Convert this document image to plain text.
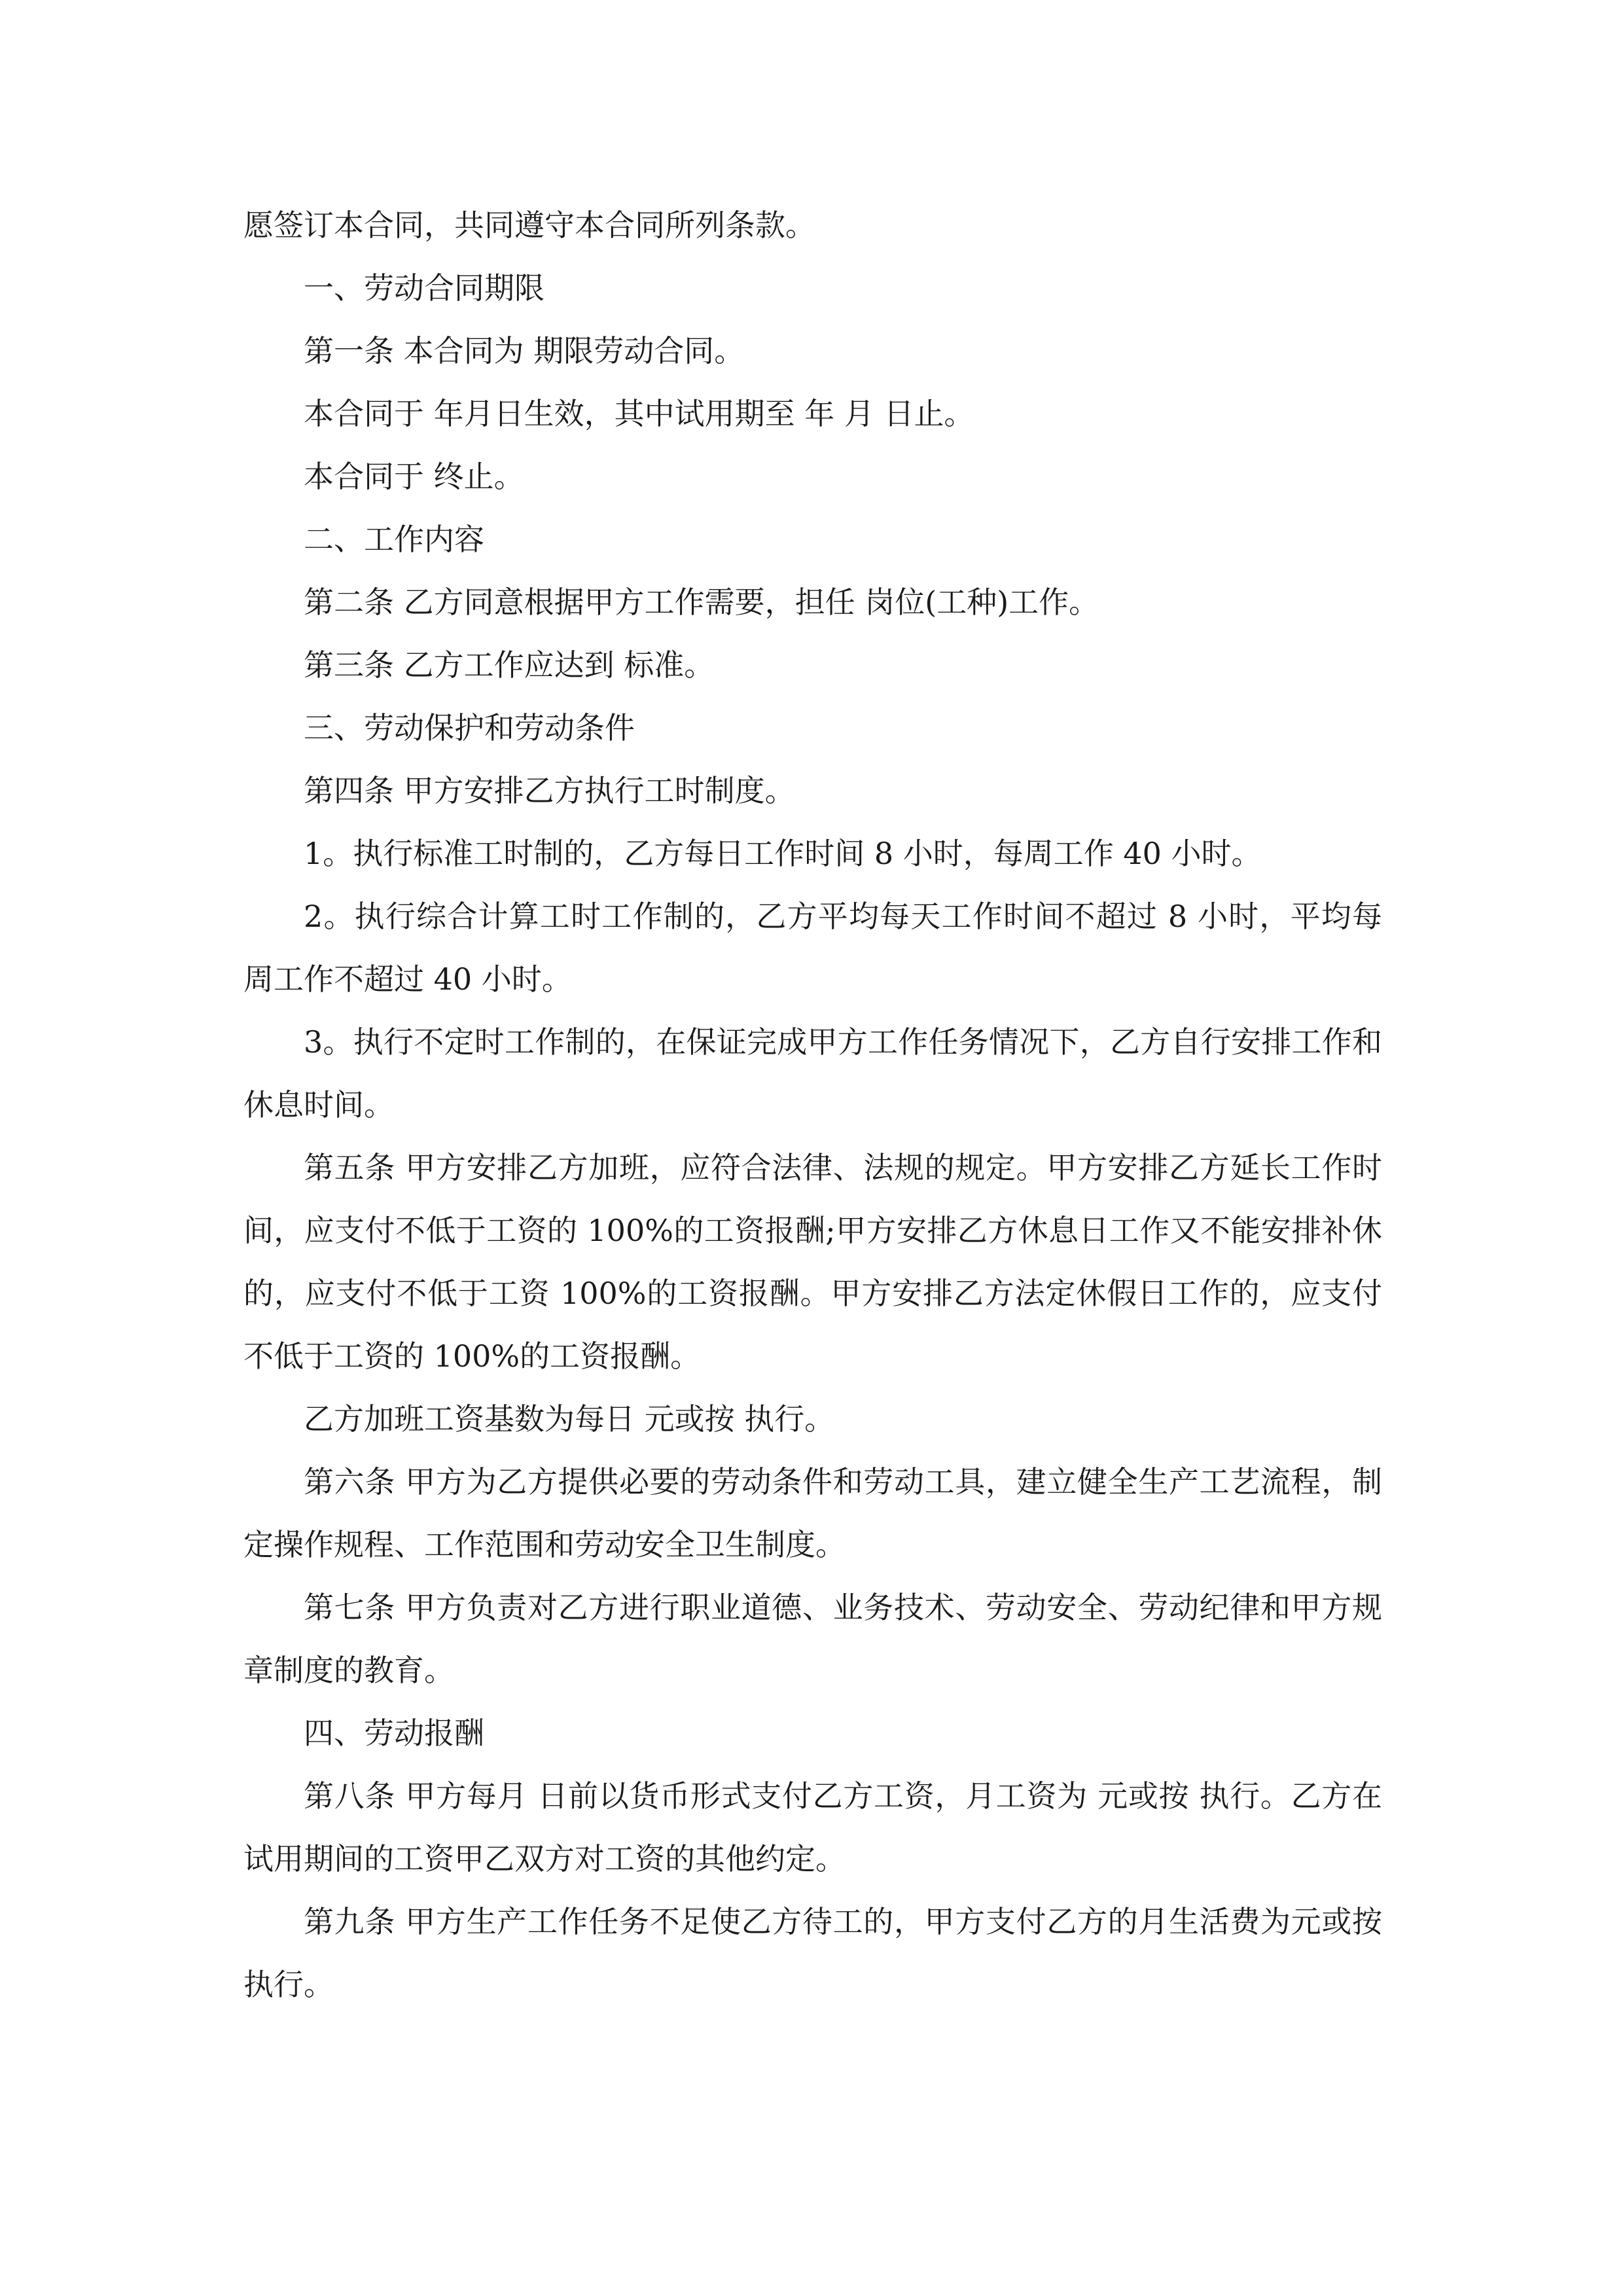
愿签订本合同，共同遵守本合同所列条款。

一、劳动合同期限

第一条 本合同为 期限劳动合同。

本合同于 年月日生效，其中试用期至 年 月 日止。

本合同于 终止。

二、工作内容

第二条 乙方同意根据甲方工作需要，担任 岗位(工种)工作。

第三条 乙方工作应达到 标准。

三、劳动保护和劳动条件

第四条 甲方安排乙方执行工时制度。

1。执行标准工时制的，乙方每日工作时间 8 小时，每周工作 40 小时。

2。执行综合计算工时工作制的，乙方平均每天工作时间不超过 8 小时，平均每周工作不超过 40 小时。

3。执行不定时工作制的，在保证完成甲方工作任务情况下，乙方自行安排工作和休息时间。

第五条 甲方安排乙方加班，应符合法律、法规的规定。甲方安排乙方延长工作时间，应支付不低于工资的 100%的工资报酬;甲方安排乙方休息日工作又不能安排补休的，应支付不低于工资 100%的工资报酬。甲方安排乙方法定休假日工作的，应支付不低于工资的 100%的工资报酬。

乙方加班工资基数为每日 元或按 执行。

第六条 甲方为乙方提供必要的劳动条件和劳动工具，建立健全生产工艺流程，制定操作规程、工作范围和劳动安全卫生制度。

第七条 甲方负责对乙方进行职业道德、业务技术、劳动安全、劳动纪律和甲方规章制度的教育。

四、劳动报酬

第八条 甲方每月 日前以货币形式支付乙方工资，月工资为 元或按 执行。乙方在试用期间的工资甲乙双方对工资的其他约定。

第九条 甲方生产工作任务不足使乙方待工的，甲方支付乙方的月生活费为元或按 执行。
